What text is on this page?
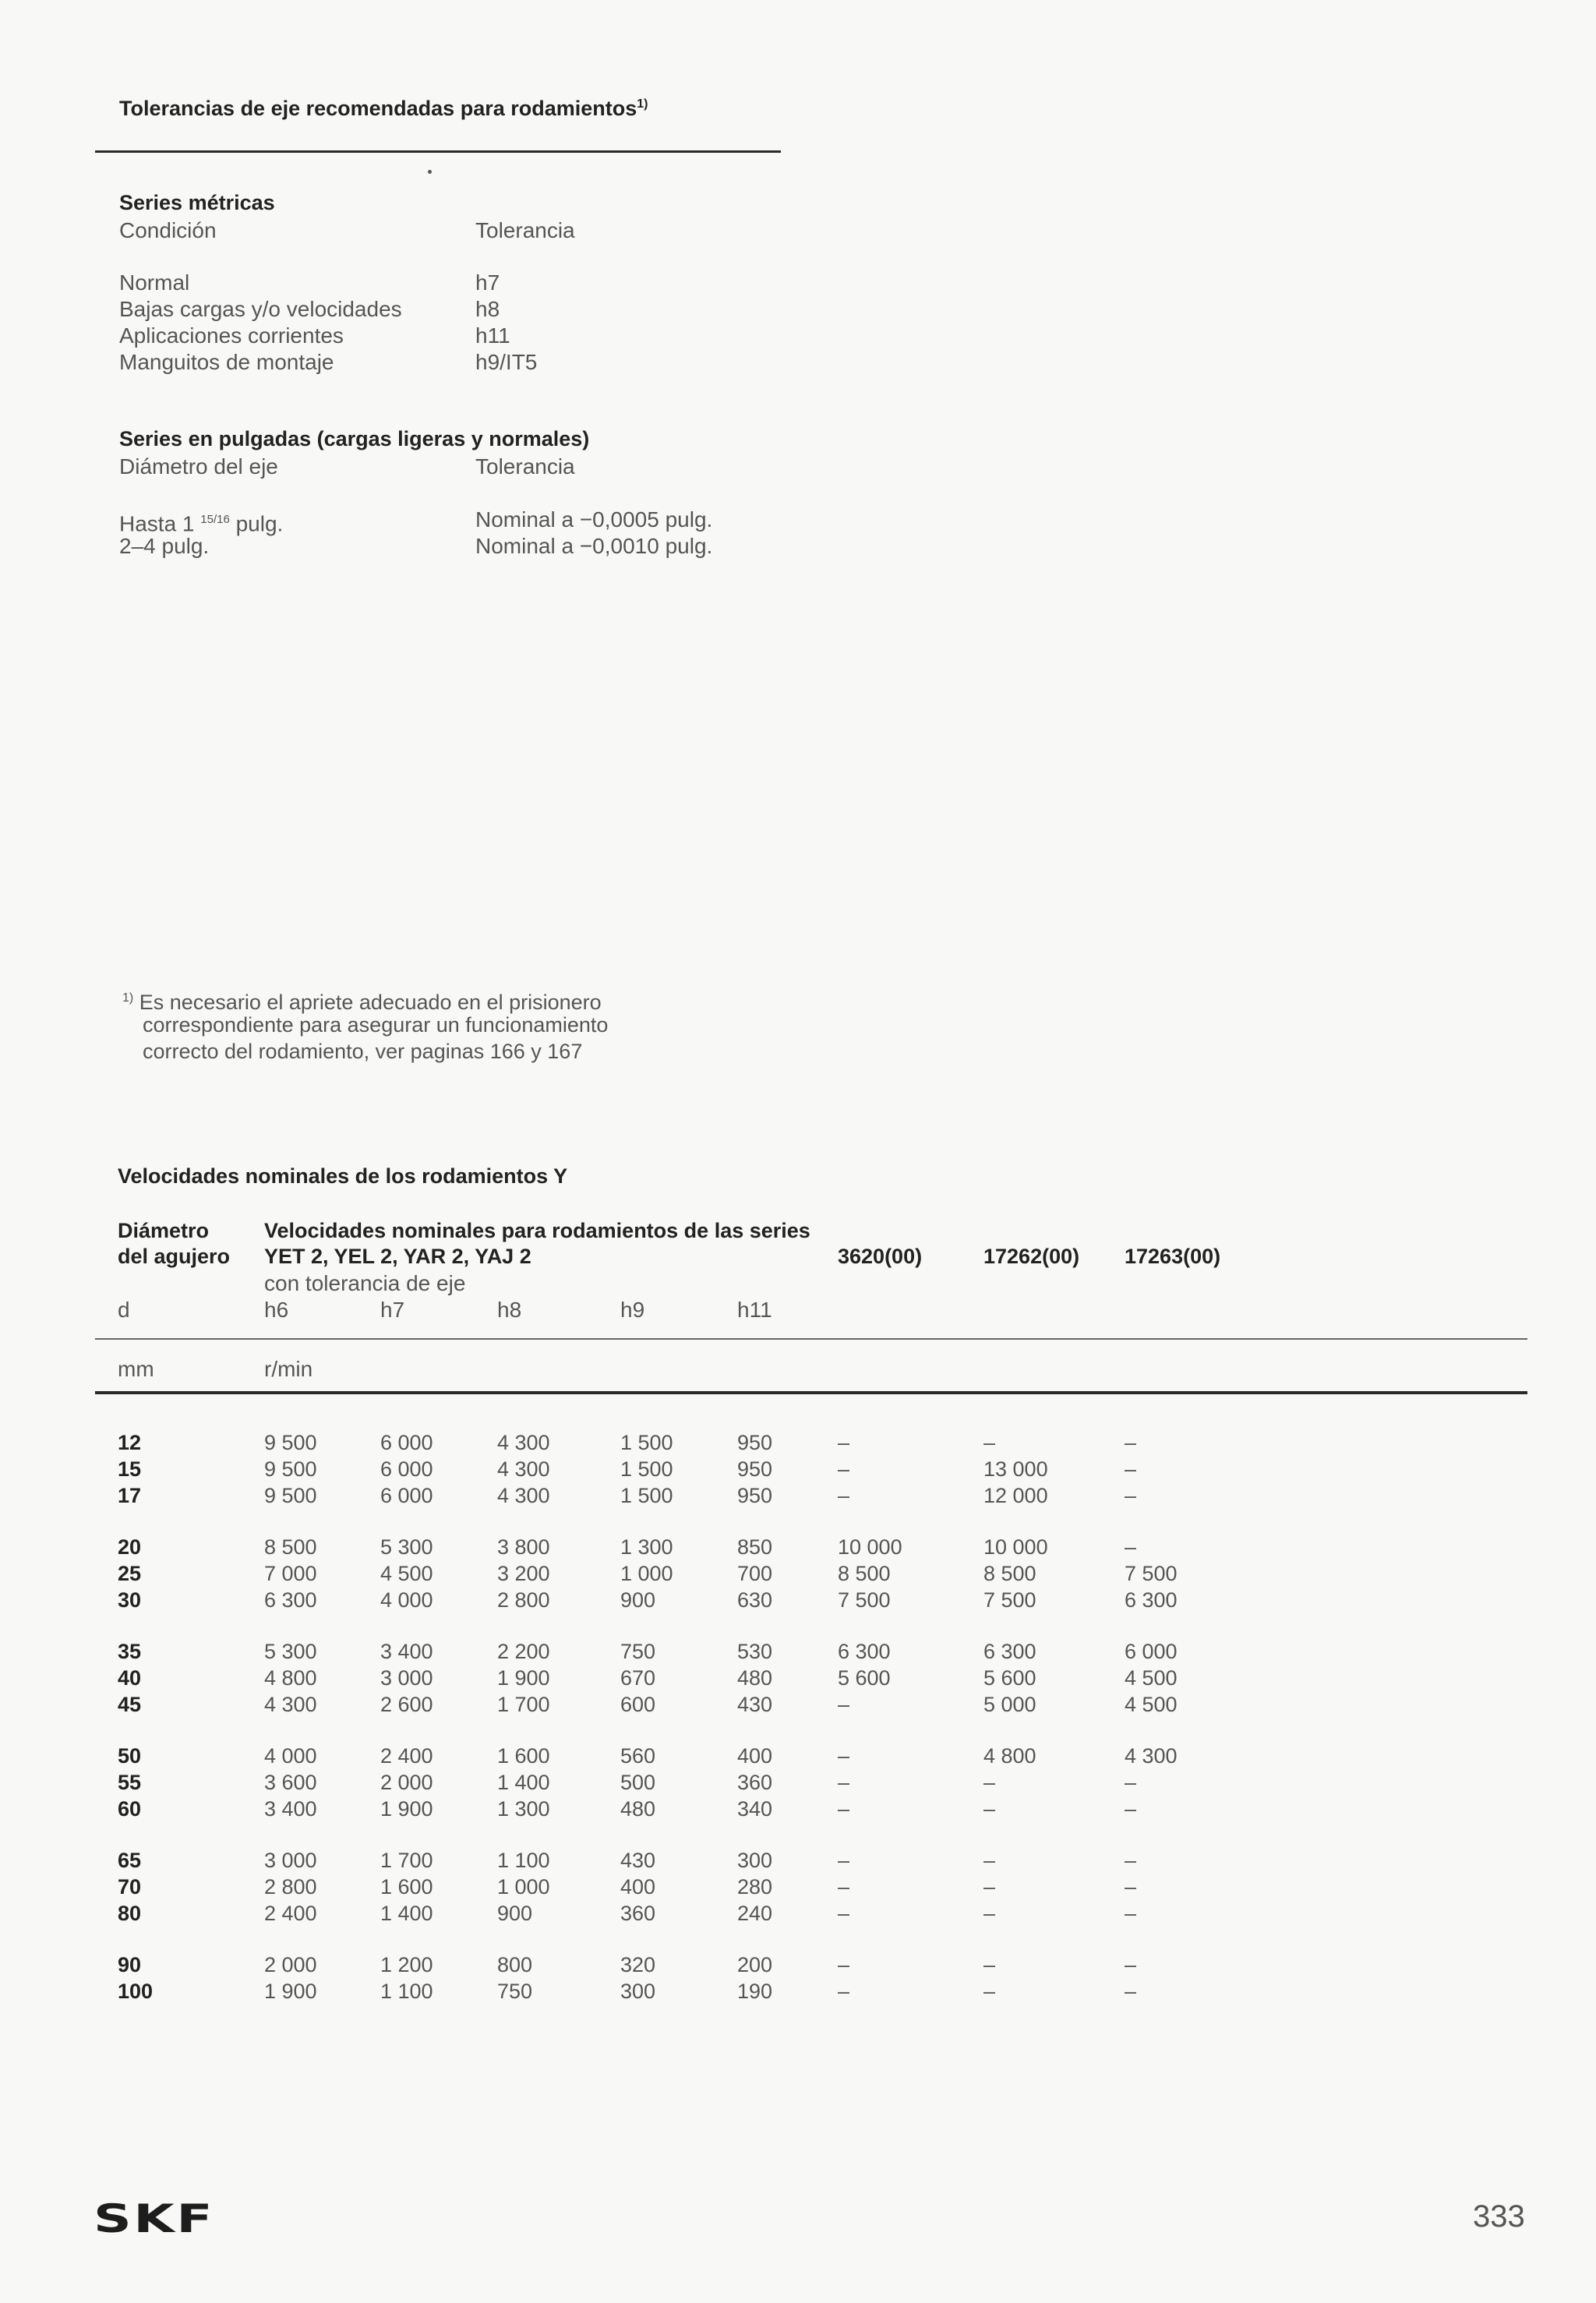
Tolerancias de eje recomendadas para rodamientos$^{1)}$
Series métricas
Condición	Tolerancia
Normal	h7
Bajas cargas y/o velocidades	h8
Aplicaciones corrientes	h11
Manguitos de montaje	h9/IT5
Series en pulgadas (cargas ligeras y normales)
Diámetro del eje	Tolerancia
Hasta 1 $^{15/16}$ pulg.	Nominal a −0,0005 pulg.
2–4 pulg.	Nominal a −0,0010 pulg.
$^{1)}$ Es necesario el apriete adecuado en el prisionero
correspondiente para asegurar un funcionamiento
correcto del rodamiento, ver paginas 166 y 167
Velocidades nominales de los rodamientos Y
Diámetro
del agujero
Velocidades nominales para rodamientos de las series
YET 2, YEL 2, YAR 2, YAJ 2	3620(00)	17262(00) 17263(00)
con tolerancia de eje
d	h6	h7	h8	h9	h11
mm	r/min
12	9 500	6 000	4 300	1 500	950	–	–	–
15	9 500	6 000	4 300	1 500	950	–	13 000	–
17	9 500	6 000	4 300	1 500	950	–	12 000	–
20	8 500	5 300	3 800	1 300	850	10 000	10 000	–
25	7 000	4 500	3 200	1 000	700	8 500	8 500	7 500
30	6 300	4 000	2 800	900	630	7 500	7 500	6 300
35	5 300	3 400	2 200	750	530	6 300	6 300	6 000
40	4 800	3 000	1 900	670	480	5 600	5 600	4 500
45	4 300	2 600	1 700	600	430	–	5 000	4 500
50	4 000	2 400	1 600	560	400	–	4 800	4 300
55	3 600	2 000	1 400	500	360	–	–	–
60	3 400	1 900	1 300	480	340	–	–	–
65	3 000	1 700	1 100	430	300	–	–	–
70	2 800	1 600	1 000	400	280	–	–	–
80	2 400	1 400	900	360	240	–	–	–
90	2 000	1 200	800	320	200	–	–	–
100	1 900	1 100	750	300	190	–	–	–
SKF	333
